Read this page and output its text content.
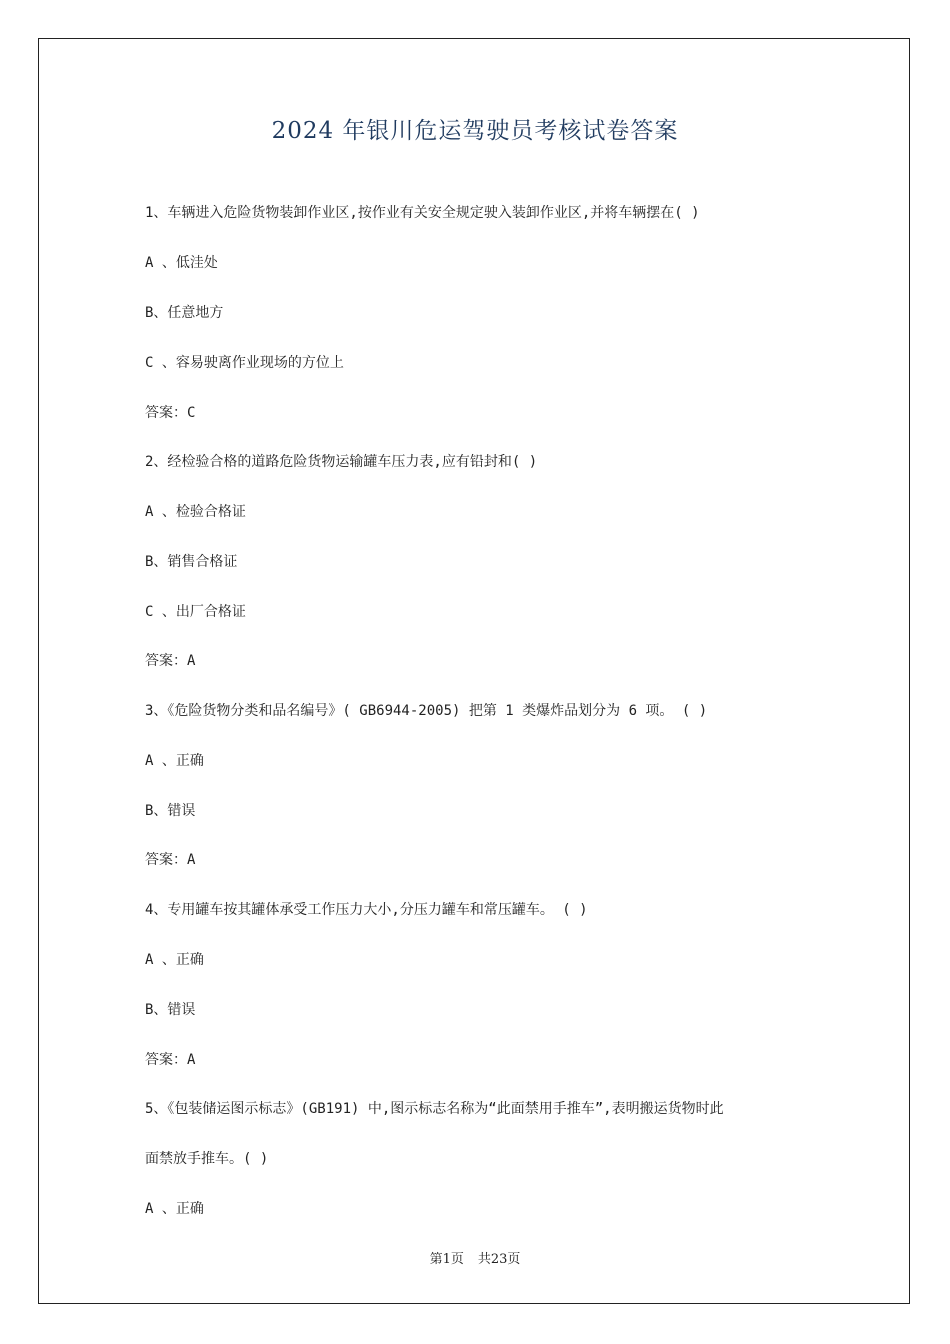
2024 年银川危运驾驶员考核试卷答案
1、车辆进入危险货物装卸作业区,按作业有关安全规定驶入装卸作业区,并将车辆摆在( )
A 、低洼处
B、任意地方
C 、容易驶离作业现场的方位上
答案：C
2、经检验合格的道路危险货物运输罐车压力表,应有铅封和( )
A 、检验合格证
B、销售合格证
C 、出厂合格证
答案：A
3、《危险货物分类和品名编号》( GB6944-2005) 把第 1 类爆炸品划分为 6 项。 ( )
A 、正确
B、错误
答案：A
4、专用罐车按其罐体承受工作压力大小,分压力罐车和常压罐车。 ( )
A 、正确
B、错误
答案：A
5、《包装储运图示标志》(GB191) 中,图示标志名称为“此面禁用手推车”,表明搬运货物时此
面禁放手推车。( )
A 、正确
第1页 共23页
